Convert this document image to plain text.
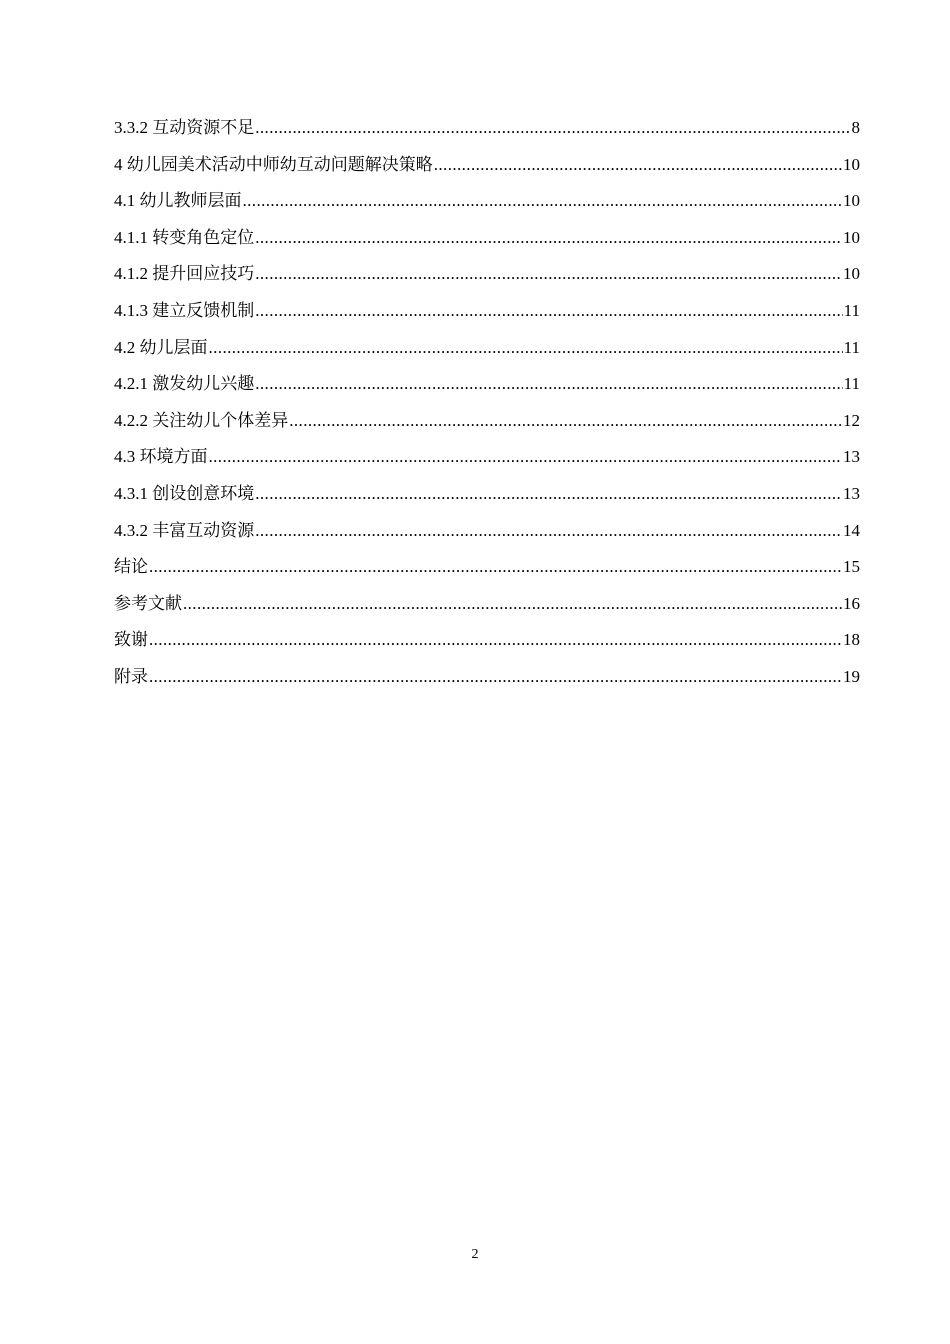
3.3.2 互动资源不足 .....	8
4 幼儿园美术活动中师幼互动问题解决策略 .....	10
4.1 幼儿教师层面 .....	10
4.1.1 转变角色定位 .....	10
4.1.2 提升回应技巧 .....	10
4.1.3 建立反馈机制 .....	11
4.2 幼儿层面 .....	11
4.2.1 激发幼儿兴趣 .....	11
4.2.2 关注幼儿个体差异 .....	12
4.3 环境方面 .....	13
4.3.1 创设创意环境 .....	13
4.3.2 丰富互动资源 .....	14
结论 .....	15
参考文献 .....	16
致谢 .....	18
附录 .....	19
2
